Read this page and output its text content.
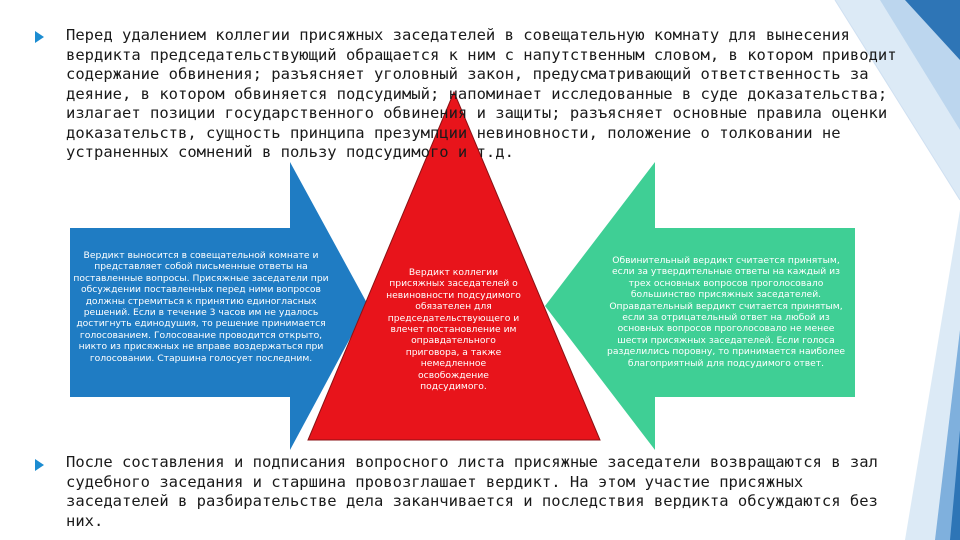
Перед удалением коллегии присяжных заседателей в совещательную комнату для вынесения вердикта председательствующий обращается к ним с напутственным словом, в котором приводит содержание обвинения; разъясняет уголовный закон, предусматривающий ответственность за деяние, в котором обвиняется подсудимый; напоминает исследованные в суде доказательства; излагает позиции государственного обвинения и защиты; разъясняет основные правила оценки доказательств, сущность принципа презумпции невиновности, положение о толковании не устраненных сомнений в пользу подсудимого и т.д.

Вердикт выносится в совещательной комнате и представляет собой письменные ответы на поставленные вопросы. Присяжные заседатели при обсуждении поставленных перед ними вопросов должны стремиться к принятию единогласных решений. Если в течение 3 часов им не удалось достигнуть единодушия, то решение принимается голосованием. Голосование проводится открыто, никто из присяжных не вправе воздержаться при голосовании. Старшина голосует последним.

Вердикт коллегии присяжных заседателей о невиновности подсудимого обязателен для председательствующего и влечет постановление им оправдательного приговора, а также немедленное освобождение подсудимого.

Обвинительный вердикт считается принятым, если за утвердительные ответы на каждый из трех основных вопросов проголосовало большинство присяжных заседателей. Оправдательный вердикт считается принятым, если за отрицательный ответ на любой из основных вопросов проголосовало не менее шести присяжных заседателей. Если голоса разделились поровну, то принимается наиболее благоприятный для подсудимого ответ.

После составления и подписания вопросного листа присяжные заседатели возвращаются в зал судебного заседания и старшина провозглашает вердикт. На этом участие присяжных заседателей в разбирательстве дела заканчивается и последствия вердикта обсуждаются без них.
